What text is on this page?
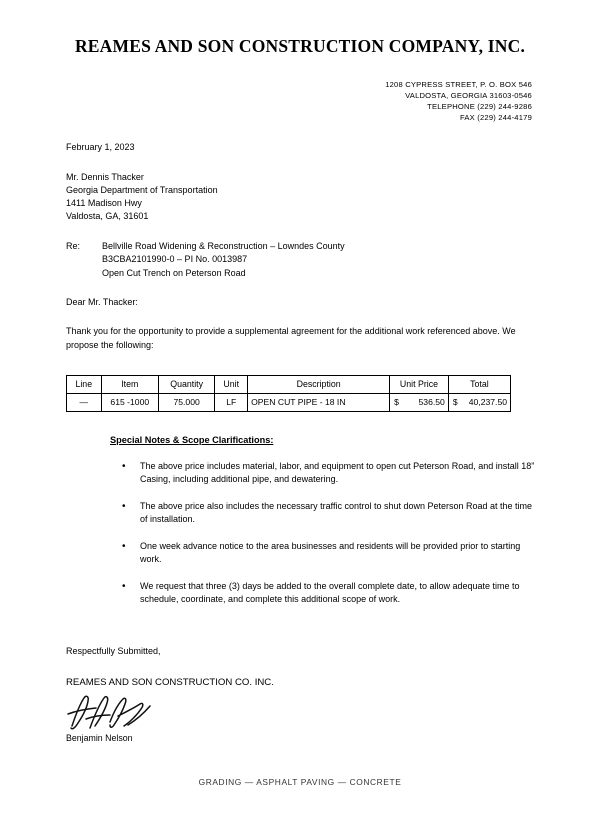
REAMES AND SON CONSTRUCTION COMPANY, INC.
1208 CYPRESS STREET, P. O. BOX 546
VALDOSTA, GEORGIA 31603-0546
TELEPHONE (229) 244-9286
FAX (229) 244-4179
February 1, 2023
Mr. Dennis Thacker
Georgia Department of Transportation
1411 Madison Hwy
Valdosta, GA, 31601
Re:	Bellville Road Widening & Reconstruction – Lowndes County
B3CBA2101990-0 – PI No. 0013987
Open Cut Trench on Peterson Road
Dear Mr. Thacker:
Thank you for the opportunity to provide a supplemental agreement for the additional work referenced above. We propose the following:
Line	Item	Quantity	Unit	Description	Unit Price	Total
—	615 -1000	75.000	LF	OPEN CUT PIPE - 18 IN	$ 536.50	$ 40,237.50
Special Notes & Scope Clarifications:
• The above price includes material, labor, and equipment to open cut Peterson Road, and install 18” Casing, including additional pipe, and dewatering.
• The above price also includes the necessary traffic control to shut down Peterson Road at the time of installation.
• One week advance notice to the area businesses and residents will be provided prior to starting work.
• We request that three (3) days be added to the overall complete date, to allow adequate time to schedule, coordinate, and complete this additional scope of work.
Respectfully Submitted,
REAMES AND SON CONSTRUCTION CO. INC.
Benjamin Nelson
GRADING — ASPHALT PAVING — CONCRETE
